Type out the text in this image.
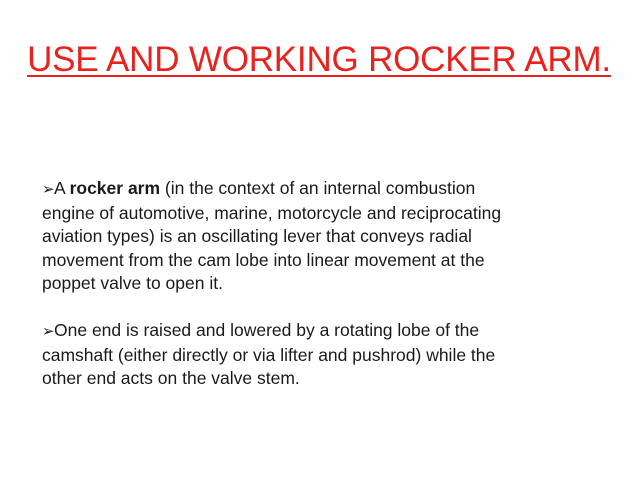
USE AND WORKING ROCKER ARM.

➢A rocker arm (in the context of an internal combustion
engine of automotive, marine, motorcycle and reciprocating
aviation types) is an oscillating lever that conveys radial
movement from the cam lobe into linear movement at the
poppet valve to open it.

➢One end is raised and lowered by a rotating lobe of the
camshaft (either directly or via lifter and pushrod) while the
other end acts on the valve stem.
